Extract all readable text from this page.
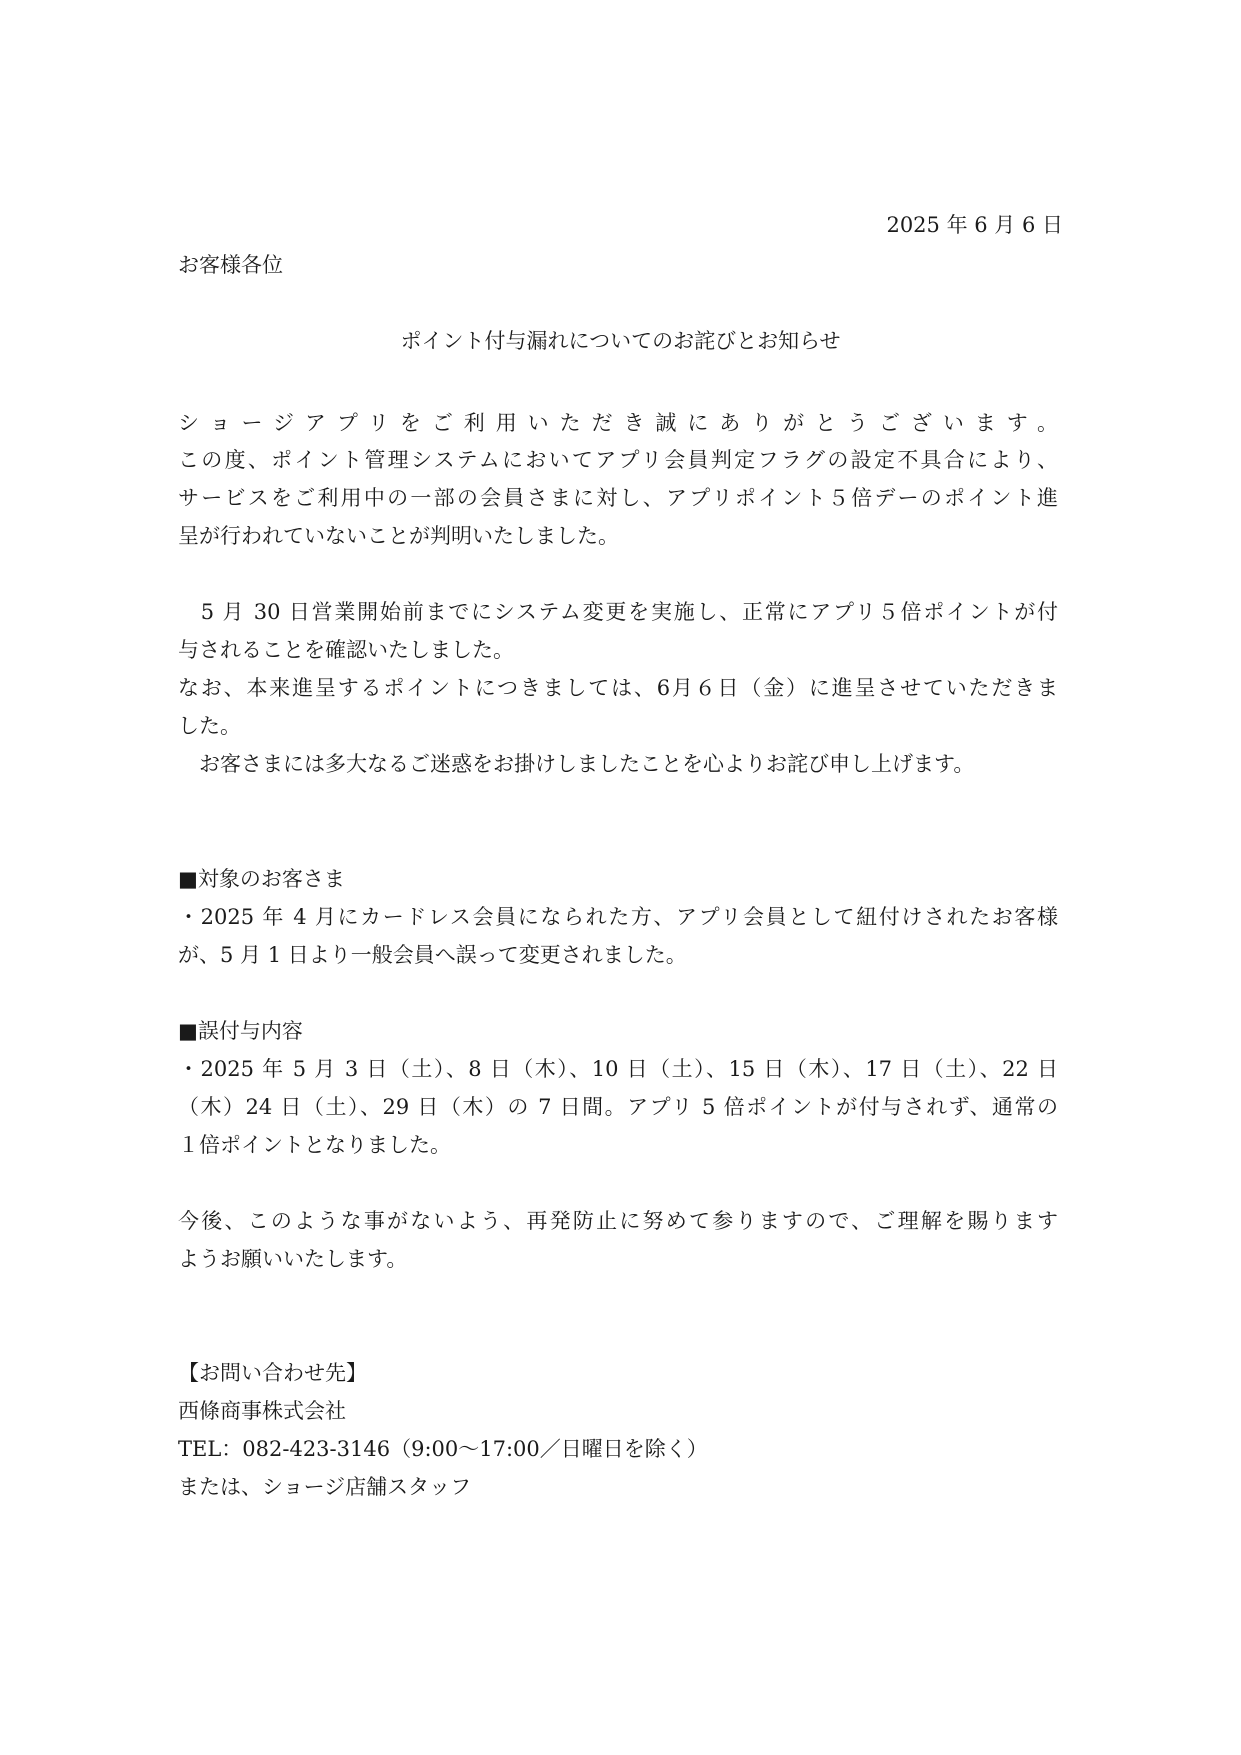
2025 年 6 月 6 日
お客様各位
ポイント付与漏れについてのお詫びとお知らせ
ショージアプリをご利用いただき誠にありがとうございます。
この度、ポイント管理システムにおいてアプリ会員判定フラグの設定不具合により、
サービスをご利用中の一部の会員さまに対し、アプリポイント５倍デーのポイント進
呈が行われていないことが判明いたしました。
　5 月 30 日営業開始前までにシステム変更を実施し、正常にアプリ５倍ポイントが付
与されることを確認いたしました。
なお、本来進呈するポイントにつきましては、6月６日（金）に進呈させていただきま
した。
　お客さまには多大なるご迷惑をお掛けしましたことを心よりお詫び申し上げます。
■対象のお客さま
・2025 年 4 月にカードレス会員になられた方、アプリ会員として紐付けされたお客様
が、5 月 1 日より一般会員へ誤って変更されました。
■誤付与内容
・2025 年 5 月 3 日（土）、8 日（木）、10 日（土）、15 日（木）、17 日（土）、22 日
（木）24 日（土）、29 日（木）の 7 日間。アプリ 5 倍ポイントが付与されず、通常の
１倍ポイントとなりました。
今後、このような事がないよう、再発防止に努めて参りますので、ご理解を賜ります
ようお願いいたします。
【お問い合わせ先】
西條商事株式会社
TEL：082-423-3146（9:00～17:00／日曜日を除く）
または、ショージ店舗スタッフ
